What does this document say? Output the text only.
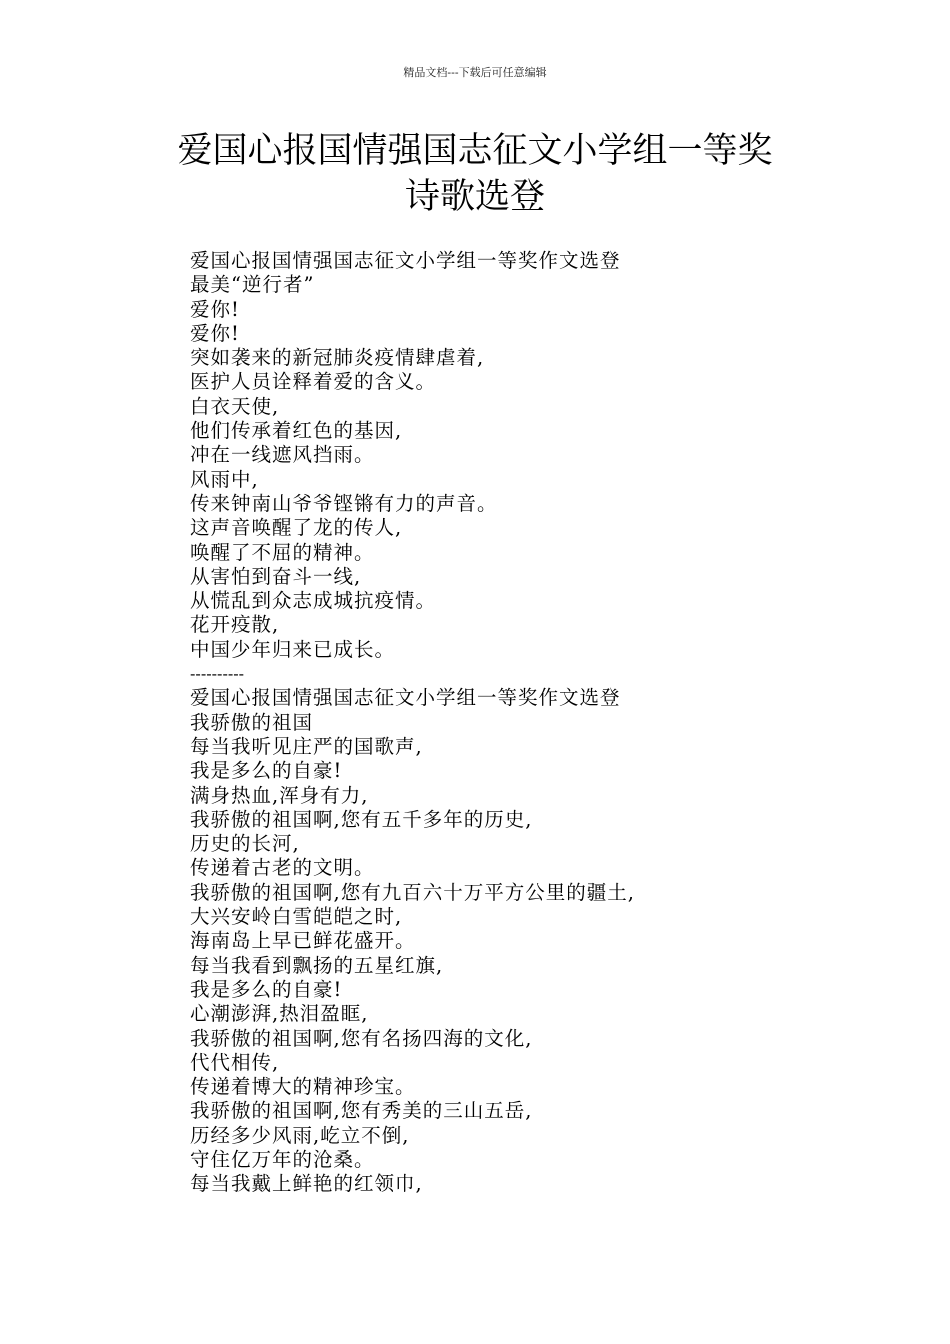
精品文档---下载后可任意编辑
爱国心报国情强国志征文小学组一等奖
诗歌选登
爱国心报国情强国志征文小学组一等奖作文选登
最美“逆行者”
爱你!
爱你!
突如袭来的新冠肺炎疫情肆虐着,
医护人员诠释着爱的含义。
白衣天使,
他们传承着红色的基因,
冲在一线遮风挡雨。
风雨中,
传来钟南山爷爷铿锵有力的声音。
这声音唤醒了龙的传人,
唤醒了不屈的精神。
从害怕到奋斗一线,
从慌乱到众志成城抗疫情。
花开疫散,
中国少年归来已成长。
----------
爱国心报国情强国志征文小学组一等奖作文选登
我骄傲的祖国
每当我听见庄严的国歌声,
我是多么的自豪!
满身热血,浑身有力,
我骄傲的祖国啊,您有五千多年的历史,
历史的长河,
传递着古老的文明。
我骄傲的祖国啊,您有九百六十万平方公里的疆土,
大兴安岭白雪皑皑之时,
海南岛上早已鲜花盛开。
每当我看到飘扬的五星红旗,
我是多么的自豪!
心潮澎湃,热泪盈眶,
我骄傲的祖国啊,您有名扬四海的文化,
代代相传,
传递着博大的精神珍宝。
我骄傲的祖国啊,您有秀美的三山五岳,
历经多少风雨,屹立不倒,
守住亿万年的沧桑。
每当我戴上鲜艳的红领巾,
